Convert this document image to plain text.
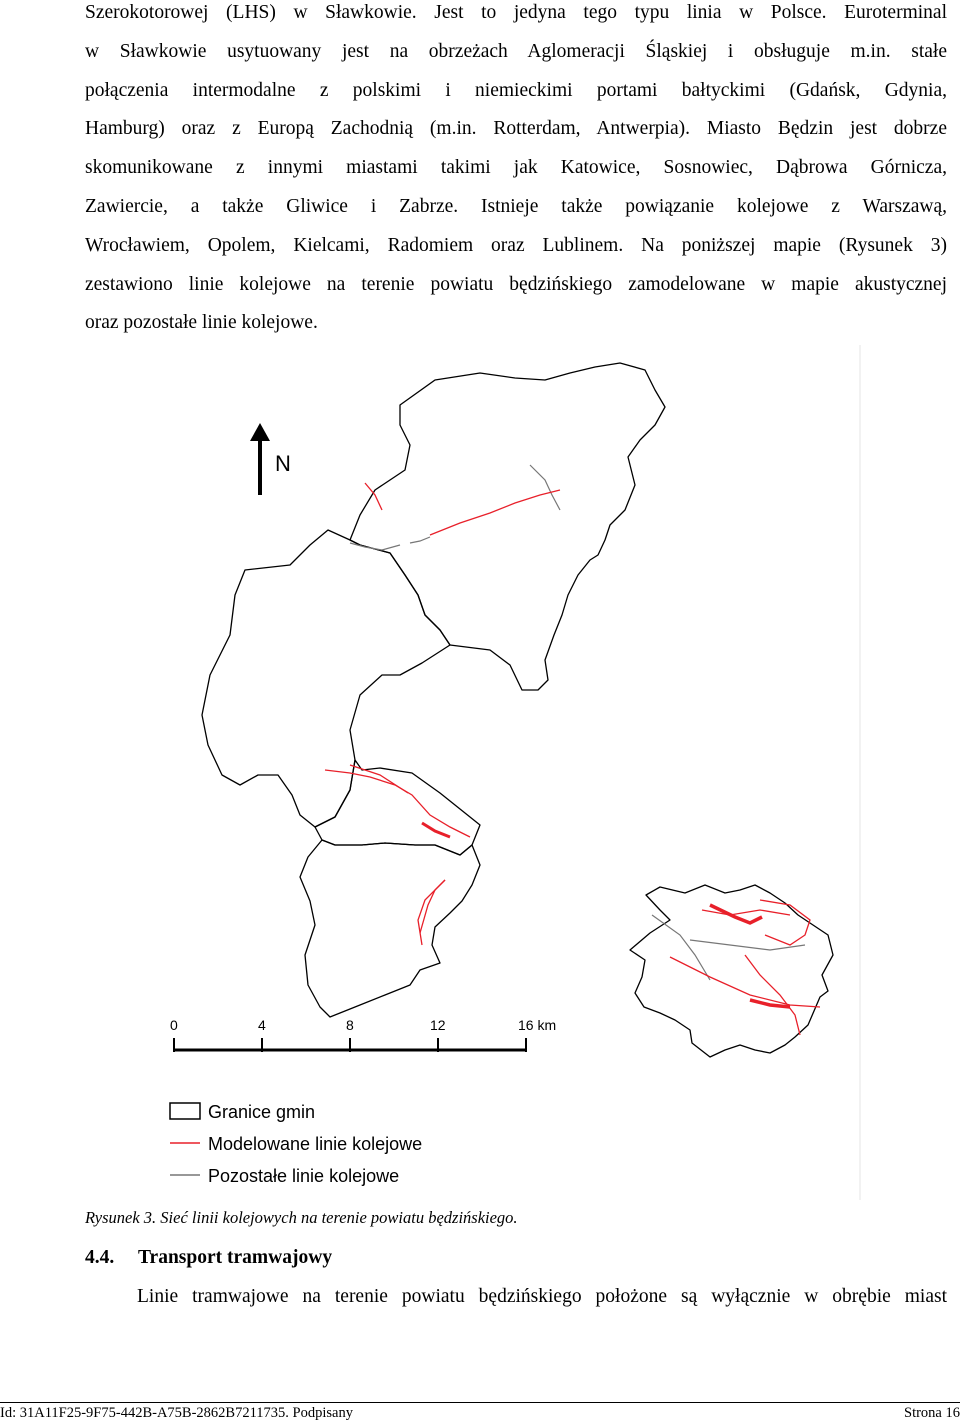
Szerokotorowej (LHS) w Sławkowie. Jest to jedyna tego typu linia w Polsce. Euroterminal
w Sławkowie usytuowany jest na obrzeżach Aglomeracji Śląskiej i obsługuje m.in. stałe
połączenia intermodalne z polskimi i niemieckimi portami bałtyckimi (Gdańsk, Gdynia,
Hamburg) oraz z Europą Zachodnią (m.in. Rotterdam, Antwerpia). Miasto Będzin jest dobrze
skomunikowane z innymi miastami takimi jak Katowice, Sosnowiec, Dąbrowa Górnicza,
Zawiercie, a także Gliwice i Zabrze. Istnieje także powiązanie kolejowe z Warszawą,
Wrocławiem, Opolem, Kielcami, Radomiem oraz Lublinem. Na poniższej mapie (Rysunek 3)
zestawiono linie kolejowe na terenie powiatu będzińskiego zamodelowane w mapie akustycznej
oraz pozostałe linie kolejowe.
N
0	4	8	12	16 km
Granice gmin
Modelowane linie kolejowe
Pozostałe linie kolejowe
Rysunek 3. Sieć linii kolejowych na terenie powiatu będzińskiego.
4.4. Transport tramwajowy
Linie tramwajowe na terenie powiatu będzińskiego położone są wyłącznie w obrębie miast
Id: 31A11F25-9F75-442B-A75B-2862B7211735. Podpisany	Strona 16
